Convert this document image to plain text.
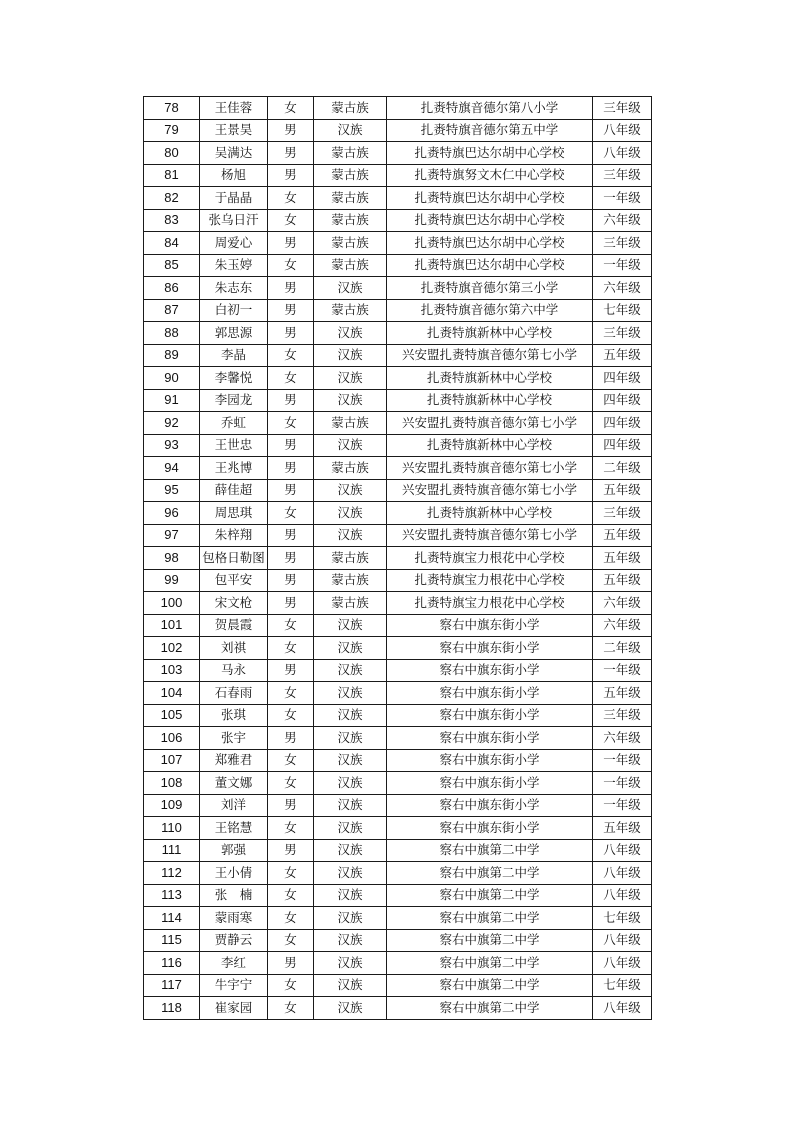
78	王佳蓉	女	蒙古族	扎赉特旗音德尔第八小学	三年级
79	王景昊	男	汉族	扎赉特旗音德尔第五中学	八年级
80	吴满达	男	蒙古族	扎赉特旗巴达尔胡中心学校	八年级
81	杨旭	男	蒙古族	扎赉特旗努文木仁中心学校	三年级
82	于晶晶	女	蒙古族	扎赉特旗巴达尔胡中心学校	一年级
83	张乌日汗	女	蒙古族	扎赉特旗巴达尔胡中心学校	六年级
84	周爱心	男	蒙古族	扎赉特旗巴达尔胡中心学校	三年级
85	朱玉婷	女	蒙古族	扎赉特旗巴达尔胡中心学校	一年级
86	朱志东	男	汉族	扎赉特旗音德尔第三小学	六年级
87	白初一	男	蒙古族	扎赉特旗音德尔第六中学	七年级
88	郭思源	男	汉族	扎赉特旗新林中心学校	三年级
89	李晶	女	汉族	兴安盟扎赉特旗音德尔第七小学	五年级
90	李馨悦	女	汉族	扎赉特旗新林中心学校	四年级
91	李园龙	男	汉族	扎赉特旗新林中心学校	四年级
92	乔虹	女	蒙古族	兴安盟扎赉特旗音德尔第七小学	四年级
93	王世忠	男	汉族	扎赉特旗新林中心学校	四年级
94	王兆博	男	蒙古族	兴安盟扎赉特旗音德尔第七小学	二年级
95	薛佳超	男	汉族	兴安盟扎赉特旗音德尔第七小学	五年级
96	周思琪	女	汉族	扎赉特旗新林中心学校	三年级
97	朱梓翔	男	汉族	兴安盟扎赉特旗音德尔第七小学	五年级
98	包格日勒图	男	蒙古族	扎赉特旗宝力根花中心学校	五年级
99	包平安	男	蒙古族	扎赉特旗宝力根花中心学校	五年级
100	宋文枪	男	蒙古族	扎赉特旗宝力根花中心学校	六年级
101	贺晨霞	女	汉族	察右中旗东街小学	六年级
102	刘祺	女	汉族	察右中旗东街小学	二年级
103	马永	男	汉族	察右中旗东街小学	一年级
104	石春雨	女	汉族	察右中旗东街小学	五年级
105	张琪	女	汉族	察右中旗东街小学	三年级
106	张宇	男	汉族	察右中旗东街小学	六年级
107	郑雅君	女	汉族	察右中旗东街小学	一年级
108	董文娜	女	汉族	察右中旗东街小学	一年级
109	刘洋	男	汉族	察右中旗东街小学	一年级
110	王铭慧	女	汉族	察右中旗东街小学	五年级
111	郭强	男	汉族	察右中旗第二中学	八年级
112	王小倩	女	汉族	察右中旗第二中学	八年级
113	张　楠	女	汉族	察右中旗第二中学	八年级
114	蒙雨寒	女	汉族	察右中旗第二中学	七年级
115	贾静云	女	汉族	察右中旗第二中学	八年级
116	李红	男	汉族	察右中旗第二中学	八年级
117	牛宇宁	女	汉族	察右中旗第二中学	七年级
118	崔家园	女	汉族	察右中旗第二中学	八年级
